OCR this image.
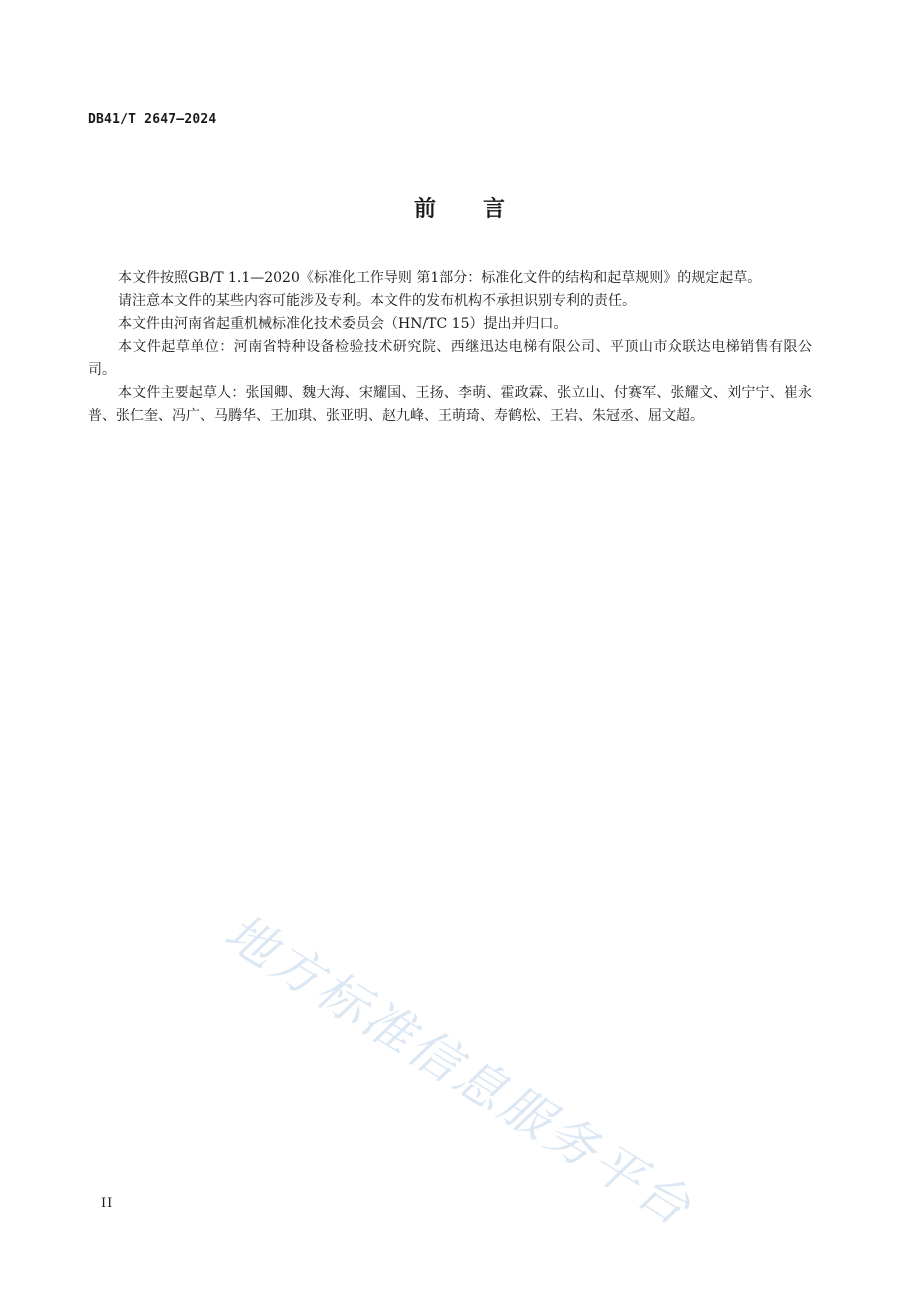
DB41/T 2647—2024
前 言

本文件按照GB/T 1.1—2020《标准化工作导则 第1部分：标准化文件的结构和起草规则》的规定起草。

请注意本文件的某些内容可能涉及专利。本文件的发布机构不承担识别专利的责任。

本文件由河南省起重机械标准化技术委员会（HN/TC 15）提出并归口。

本文件起草单位：河南省特种设备检验技术研究院、西继迅达电梯有限公司、平顶山市众联达电梯销售有限公司。

本文件主要起草人：张国卿、魏大海、宋耀国、王扬、李萌、霍政霖、张立山、付赛军、张耀文、刘宁宁、崔永普、张仁奎、冯广、马腾华、王加琪、张亚明、赵九峰、王萌琦、寿鹤松、王岩、朱冠丞、屈文超。

地方标准信息服务平台
II
